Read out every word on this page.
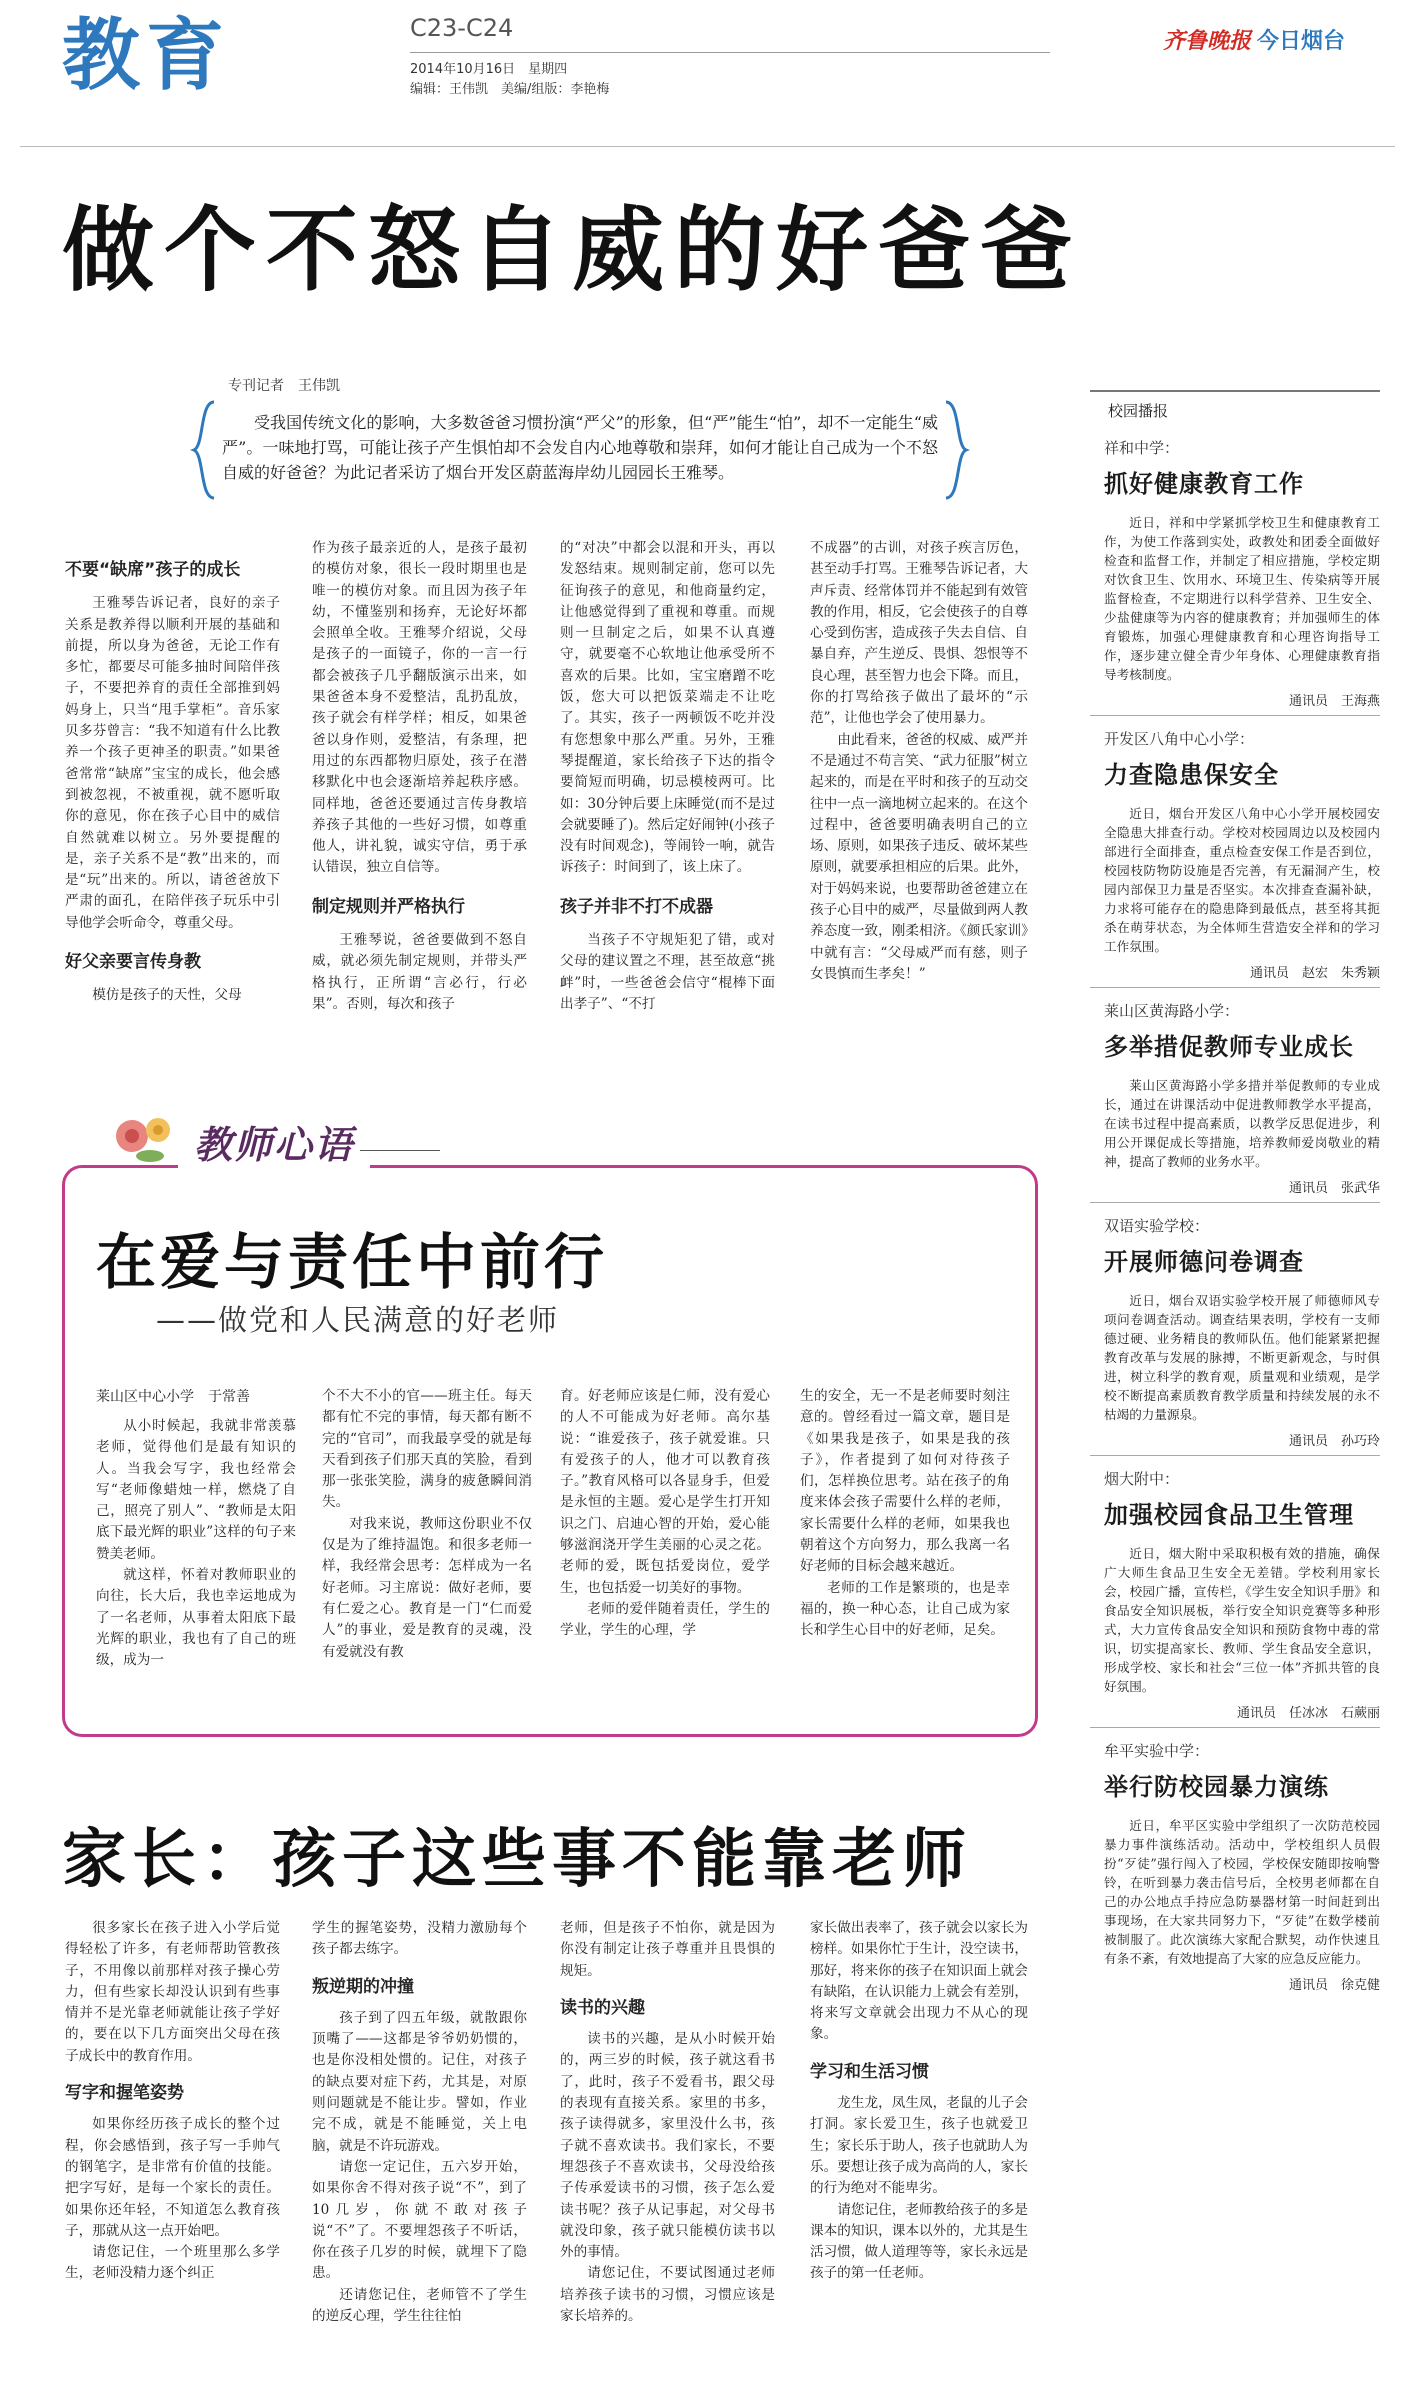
教育	C23-C24
2014年10月16日　星期四
编辑：王伟凯　美编/组版：李艳梅
齐鲁晚报 今日烟台
做个不怒自威的好爸爸
专刊记者　王伟凯
受我国传统文化的影响，大多数爸爸习惯扮演“严父”的形象，但“严”能生“怕”，却不一定能生“威严”。一味地打骂，可能让孩子产生惧怕却不会发自内心地尊敬和崇拜，如何才能让自己成为一个不怒自威的好爸爸？为此记者采访了烟台开发区蔚蓝海岸幼儿园园长王雅琴。
不要“缺席”孩子的成长

王雅琴告诉记者，良好的亲子关系是教养得以顺利开展的基础和前提，所以身为爸爸，无论工作有多忙，都要尽可能多抽时间陪伴孩子，不要把养育的责任全部推到妈妈身上，只当“甩手掌柜”。音乐家贝多芬曾言：“我不知道有什么比教养一个孩子更神圣的职责。”如果爸爸常常“缺席”宝宝的成长，他会感到被忽视，不被重视，就不愿听取你的意见，你在孩子心目中的威信自然就难以树立。另外要提醒的是，亲子关系不是“教”出来的，而是“玩”出来的。所以，请爸爸放下严肃的面孔，在陪伴孩子玩乐中引导他学会听命令，尊重父母。

好父亲要言传身教

模仿是孩子的天性，父母

作为孩子最亲近的人，是孩子最初的模仿对象，很长一段时期里也是唯一的模仿对象。而且因为孩子年幼，不懂鉴别和扬弃，无论好坏都会照单全收。王雅琴介绍说，父母是孩子的一面镜子，你的一言一行都会被孩子几乎翻版演示出来，如果爸爸本身不爱整洁，乱扔乱放，孩子就会有样学样；相反，如果爸爸以身作则，爱整洁，有条理，把用过的东西都物归原处，孩子在潜移默化中也会逐渐培养起秩序感。同样地，爸爸还要通过言传身教培养孩子其他的一些好习惯，如尊重他人，讲礼貌，诚实守信，勇于承认错误，独立自信等。

制定规则并严格执行

王雅琴说，爸爸要做到不怒自威，就必须先制定规则，并带头严格执行，正所谓“言必行，行必果”。否则，每次和孩子

的“对决”中都会以混和开头，再以发怒结束。规则制定前，您可以先征询孩子的意见，和他商量约定，让他感觉得到了重视和尊重。而规则一旦制定之后，如果不认真遵守，就要毫不心软地让他承受所不喜欢的后果。比如，宝宝磨蹭不吃饭，您大可以把饭菜端走不让吃了。其实，孩子一两顿饭不吃并没有您想象中那么严重。另外，王雅琴提醒道，家长给孩子下达的指令要简短而明确，切忌模棱两可。比如：30分钟后要上床睡觉(而不是过会就要睡了)。然后定好闹钟(小孩子没有时间观念)，等闹铃一响，就告诉孩子：时间到了，该上床了。

孩子并非不打不成器

当孩子不守规矩犯了错，或对父母的建议置之不理，甚至故意“挑衅”时，一些爸爸会信守“棍棒下面出孝子”、“不打

不成器”的古训，对孩子疾言厉色，甚至动手打骂。王雅琴告诉记者，大声斥责、经常体罚并不能起到有效管教的作用，相反，它会使孩子的自尊心受到伤害，造成孩子失去自信、自暴自弃，产生逆反、畏惧、怨恨等不良心理，甚至智力也会下降。而且，你的打骂给孩子做出了最坏的“示范”，让他也学会了使用暴力。

由此看来，爸爸的权威、威严并不是通过不苟言笑、“武力征服”树立起来的，而是在平时和孩子的互动交往中一点一滴地树立起来的。在这个过程中，爸爸要明确表明自己的立场、原则，如果孩子违反、破坏某些原则，就要承担相应的后果。此外，对于妈妈来说，也要帮助爸爸建立在孩子心目中的威严，尽量做到两人教养态度一致，刚柔相济。《颜氏家训》中就有言：“父母威严而有慈，则子女畏慎而生孝矣！”

教师心语
在爱与责任中前行
——做党和人民满意的好老师
莱山区中心小学　于常善

从小时候起，我就非常羡慕老师，觉得他们是最有知识的人。当我会写字，我也经常会写“老师像蜡烛一样，燃烧了自己，照亮了别人”、“教师是太阳底下最光辉的职业”这样的句子来赞美老师。

就这样，怀着对教师职业的向往，长大后，我也幸运地成为了一名老师，从事着太阳底下最光辉的职业，我也有了自己的班级，成为一

个不大不小的官——班主任。每天都有忙不完的事情，每天都有断不完的“官司”，而我最享受的就是每天看到孩子们那天真的笑脸，看到那一张张笑脸，满身的疲惫瞬间消失。

对我来说，教师这份职业不仅仅是为了维持温饱。和很多老师一样，我经常会思考：怎样成为一名好老师。习主席说：做好老师，要有仁爱之心。教育是一门“仁而爱人”的事业，爱是教育的灵魂，没有爱就没有教

育。好老师应该是仁师，没有爱心的人不可能成为好老师。高尔基说：“谁爱孩子，孩子就爱谁。只有爱孩子的人，他才可以教育孩子。”教育风格可以各显身手，但爱是永恒的主题。爱心是学生打开知识之门、启迪心智的开始，爱心能够滋润浇开学生美丽的心灵之花。老师的爱，既包括爱岗位，爱学生，也包括爱一切美好的事物。

老师的爱伴随着责任，学生的学业，学生的心理，学

生的安全，无一不是老师要时刻注意的。曾经看过一篇文章，题目是《如果我是孩子，如果是我的孩子》，作者提到了如何对待孩子们，怎样换位思考。站在孩子的角度来体会孩子需要什么样的老师，家长需要什么样的老师，如果我也朝着这个方向努力，那么我离一名好老师的目标会越来越近。

老师的工作是繁琐的，也是幸福的，换一种心态，让自己成为家长和学生心目中的好老师，足矣。

家长：孩子这些事不能靠老师

很多家长在孩子进入小学后觉得轻松了许多，有老师帮助管教孩子，不用像以前那样对孩子操心劳力，但有些家长却没认识到有些事情并不是光靠老师就能让孩子学好的，要在以下几方面突出父母在孩子成长中的教育作用。

写字和握笔姿势

如果你经历孩子成长的整个过程，你会感悟到，孩子写一手帅气的钢笔字，是非常有价值的技能。把字写好，是每一个家长的责任。如果你还年轻，不知道怎么教育孩子，那就从这一点开始吧。

请您记住，一个班里那么多学生，老师没精力逐个纠正

学生的握笔姿势，没精力激励每个孩子都去练字。

叛逆期的冲撞

孩子到了四五年级，就散跟你顶嘴了——这都是爷爷奶奶惯的，也是你没相处惯的。记住，对孩子的缺点要对症下药，尤其是，对原则问题就是不能让步。譬如，作业完不成，就是不能睡觉，关上电脑，就是不许玩游戏。

请您一定记住，五六岁开始，如果你舍不得对孩子说“不”，到了10几岁，你就不敢对孩子说“不”了。不要埋怨孩子不听话，你在孩子几岁的时候，就埋下了隐患。

还请您记住，老师管不了学生的逆反心理，学生往往怕

老师，但是孩子不怕你，就是因为你没有制定让孩子尊重并且畏惧的规矩。

读书的兴趣

读书的兴趣，是从小时候开始的，两三岁的时候，孩子就这看书了，此时，孩子不爱看书，跟父母的表现有直接关系。家里的书多，孩子读得就多，家里没什么书，孩子就不喜欢读书。我们家长，不要埋怨孩子不喜欢读书，父母没给孩子传承爱读书的习惯，孩子怎么爱读书呢？孩子从记事起，对父母书就没印象，孩子就只能模仿读书以外的事情。

请您记住，不要试图通过老师培养孩子读书的习惯，习惯应该是家长培养的。

家长做出表率了，孩子就会以家长为榜样。如果你忙于生计，没空读书，那好，将来你的孩子在知识面上就会有缺陷，在认识能力上就会有差别，将来写文章就会出现力不从心的现象。

学习和生活习惯

龙生龙，凤生凤，老鼠的儿子会打洞。家长爱卫生，孩子也就爱卫生；家长乐于助人，孩子也就助人为乐。要想让孩子成为高尚的人，家长的行为绝对不能卑劣。

请您记住，老师教给孩子的多是课本的知识，课本以外的，尤其是生活习惯，做人道理等等，家长永远是孩子的第一任老师。

校园播报
祥和中学：
抓好健康教育工作
近日，祥和中学紧抓学校卫生和健康教育工作，为使工作落到实处，政教处和团委全面做好检查和监督工作，并制定了相应措施，学校定期对饮食卫生、饮用水、环境卫生、传染病等开展监督检查，不定期进行以科学营养、卫生安全、少盐健康等为内容的健康教育；并加强师生的体育锻炼，加强心理健康教育和心理咨询指导工作，逐步建立健全青少年身体、心理健康教育指导考核制度。
通讯员　王海燕
开发区八角中心小学：
力查隐患保安全
近日，烟台开发区八角中心小学开展校园安全隐患大排查行动。学校对校园周边以及校园内部进行全面排查，重点检查安保工作是否到位，校园枝防物防设施是否完善，有无漏洞产生，校园内部保卫力量是否坚实。本次排查查漏补缺，力求将可能存在的隐患降到最低点，甚至将其扼杀在萌芽状态，为全体师生营造安全祥和的学习工作氛围。
通讯员　赵宏　朱秀颖
莱山区黄海路小学：
多举措促教师专业成长
莱山区黄海路小学多措并举促教师的专业成长，通过在讲课活动中促进教师教学水平提高，在读书过程中提高素质，以教学反思促进步，利用公开课促成长等措施，培养教师爱岗敬业的精神，提高了教师的业务水平。
通讯员　张武华
双语实验学校：
开展师德问卷调查
近日，烟台双语实验学校开展了师德师风专项问卷调查活动。调查结果表明，学校有一支师德过硬、业务精良的教师队伍。他们能紧紧把握教育改革与发展的脉搏，不断更新观念，与时俱进，树立科学的教育观，质量观和业绩观，是学校不断提高素质教育教学质量和持续发展的永不枯竭的力量源泉。
通讯员　孙巧玲
烟大附中：
加强校园食品卫生管理
近日，烟大附中采取积极有效的措施，确保广大师生食品卫生安全无差错。学校利用家长会，校园广播，宣传栏，《学生安全知识手册》和食品安全知识展板，举行安全知识竞赛等多种形式，大力宣传食品安全知识和预防食物中毒的常识，切实提高家长、教师、学生食品安全意识，形成学校、家长和社会“三位一体”齐抓共管的良好氛围。
通讯员　任冰冰　石蕨丽
牟平实验中学：
举行防校园暴力演练
近日，牟平区实验中学组织了一次防范校园暴力事件演练活动。活动中，学校组织人员假扮“歹徒”强行闯入了校园，学校保安随即按响警铃，在听到暴力袭击信号后，全校男老师都在自己的办公地点手持应急防暴器材第一时间赶到出事现场，在大家共同努力下，“歹徒”在数学楼前被制服了。此次演练大家配合默契，动作快速且有条不紊，有效地提高了大家的应急反应能力。
通讯员　徐克健
